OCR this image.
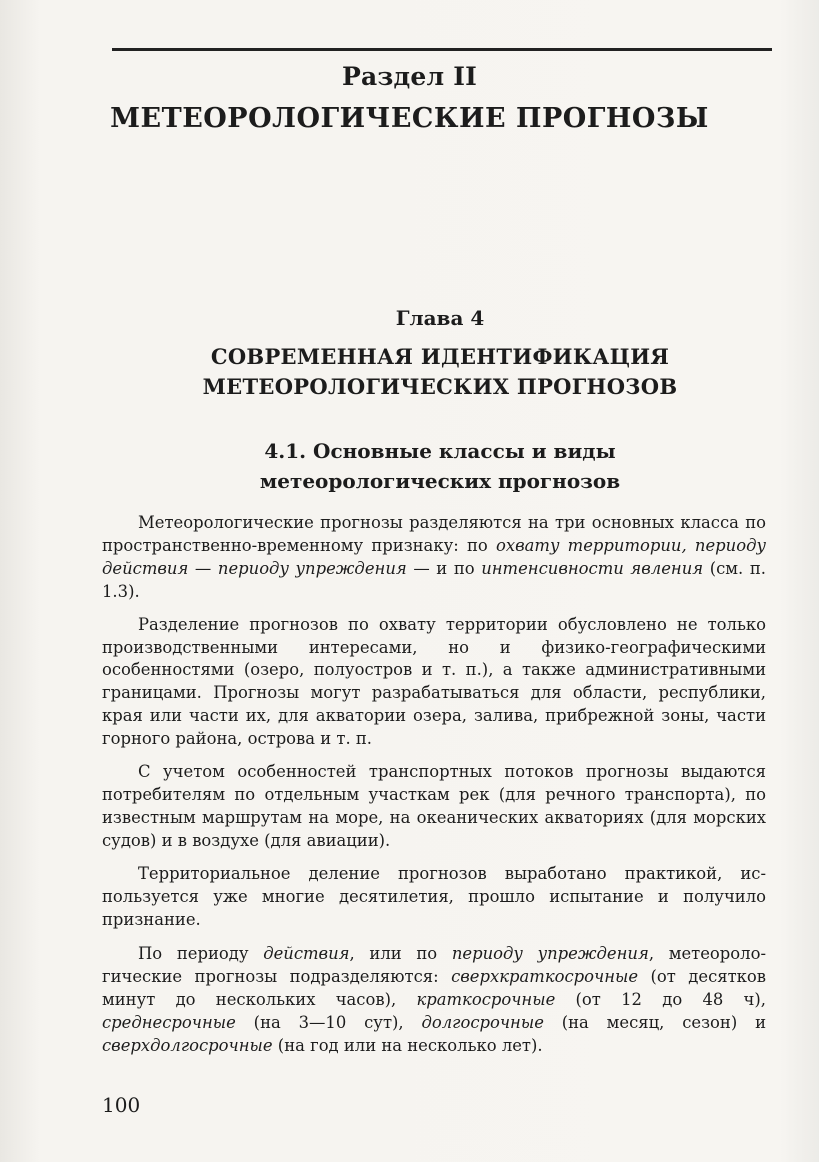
Раздел II
МЕТЕОРОЛОГИЧЕСКИЕ ПРОГНОЗЫ
Глава 4
СОВРЕМЕННАЯ ИДЕНТИФИКАЦИЯ
МЕТЕОРОЛОГИЧЕСКИХ ПРОГНОЗОВ
4.1. Основные классы и виды
метеорологических прогнозов

Метеорологические прогнозы разделяются на три основных класса по пространственно-временному признаку: по охвату территории, периоду действия — периоду упреждения — и по интенсивности явления (см. п. 1.3).

Разделение прогнозов по охвату территории обусловлено не только производственными интересами, но и физико-географическими особенностями (озеро, полуостров и т. п.), а также административными границами. Прогнозы могут разрабатываться для области, республики, края или части их, для акватории озера, залива, прибрежной зоны, части горного района, острова и т. п.

С учетом особенностей транспортных потоков прогнозы выдаются потребителям по отдельным участкам рек (для речного транспорта), по известным маршрутам на море, на океанических акваториях (для морских судов) и в воздухе (для авиации).

Территориальное деление прогнозов выработано практикой, используется уже многие десятилетия, прошло испытание и получило признание.

По периоду действия, или по периоду упреждения, метеорологические прогнозы подразделяются: сверхкраткосрочные (от десятков минут до нескольких часов), краткосрочные (от 12 до 48 ч), среднесрочные (на 3—10 сут), долгосрочные (на месяц, сезон) и сверхдолгосрочные (на год или на несколько лет).

100
